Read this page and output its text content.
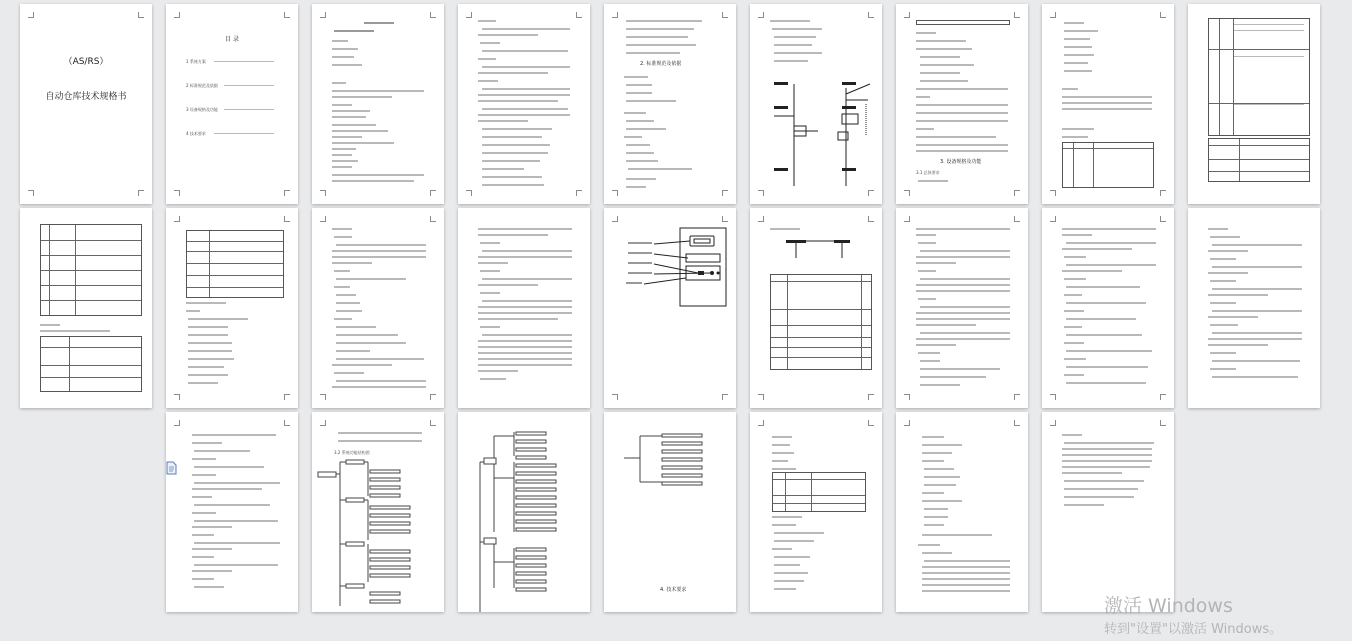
（AS/RS）
自动仓库技术规格书
目 录
1 系统方案
2 标准规范及依据
3 设备规格及功能
4 技术要求
2. 标准规范及依据
3. 设备规格及功能
3.1 总体要求
3.2 系统功能结构图
4. 技术要求
激活 Windows
转到"设置"以激活 Windows。
